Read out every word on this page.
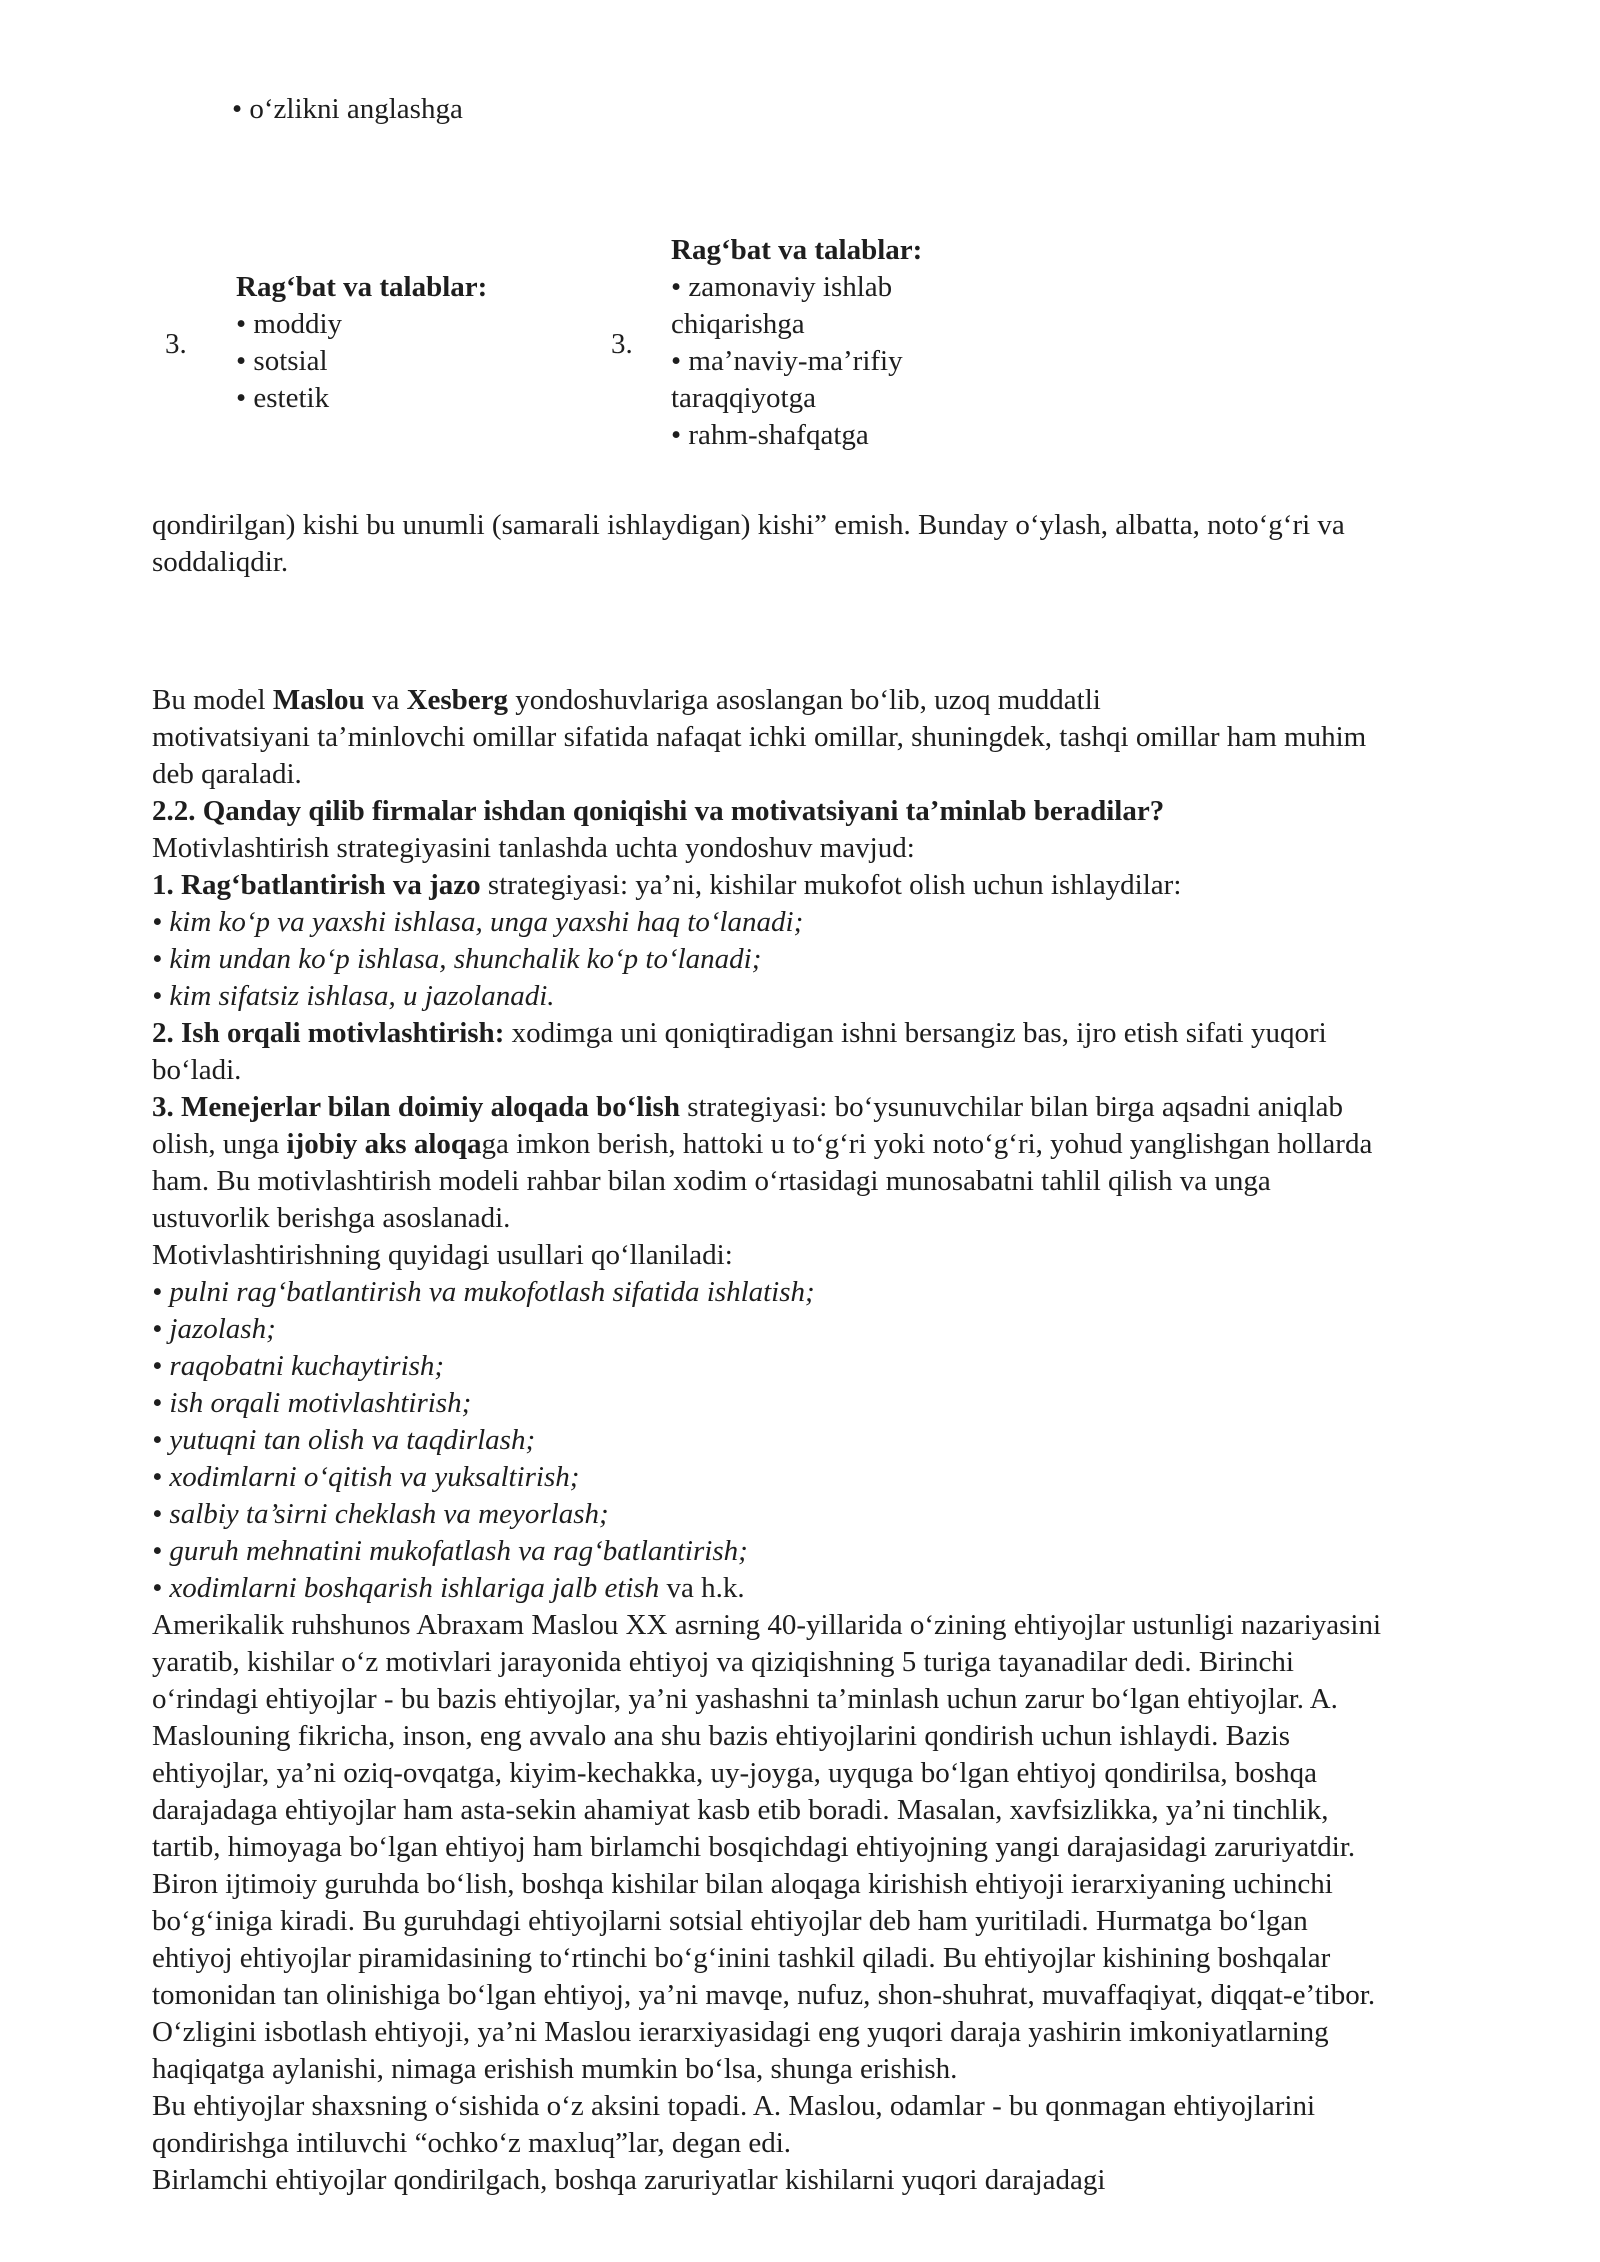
• o‘zlikni anglashga

3.

Rag‘bat va talablar:

• moddiy

• sotsial

• estetik

3.

Rag‘bat va talablar:

• zamonaviy ishlab

chiqarishga

• ma’naviy-ma’rifiy

taraqqiyotga

• rahm-shafqatga

qondirilgan) kishi bu unumli (samarali ishlaydigan) kishi” emish. Bunday o‘ylash, albatta, noto‘g‘ri va

soddaliqdir.

Bu model Maslou va Xesberg yondoshuvlariga asoslangan bo‘lib, uzoq muddatli

motivatsiyani ta’minlovchi omillar sifatida nafaqat ichki omillar, shuningdek, tashqi omillar ham muhim

deb qaraladi.

2.2. Qanday qilib firmalar ishdan qoniqishi va motivatsiyani ta’minlab beradilar?

Motivlashtirish strategiyasini tanlashda uchta yondoshuv mavjud:

1. Rag‘batlantirish va jazo strategiyasi: ya’ni, kishilar mukofot olish uchun ishlaydilar:

• kim ko‘p va yaxshi ishlasa, unga yaxshi haq to‘lanadi;

• kim undan ko‘p ishlasa, shunchalik ko‘p to‘lanadi;

• kim sifatsiz ishlasa, u jazolanadi.

2. Ish orqali motivlashtirish: xodimga uni qoniqtiradigan ishni bersangiz bas, ijro etish sifati yuqori

bo‘ladi.

3. Menejerlar bilan doimiy aloqada bo‘lish strategiyasi: bo‘ysunuvchilar bilan birga aqsadni aniqlab

olish, unga ijobiy aks aloqaga imkon berish, hattoki u to‘g‘ri yoki noto‘g‘ri, yohud yanglishgan hollarda

ham. Bu motivlashtirish modeli rahbar bilan xodim o‘rtasidagi munosabatni tahlil qilish va unga

ustuvorlik berishga asoslanadi.

Motivlashtirishning quyidagi usullari qo‘llaniladi:

• pulni rag‘batlantirish va mukofotlash sifatida ishlatish;

• jazolash;

• raqobatni kuchaytirish;

• ish orqali motivlashtirish;

• yutuqni tan olish va taqdirlash;

• xodimlarni o‘qitish va yuksaltirish;

• salbiy ta’sirni cheklash va meyorlash;

• guruh mehnatini mukofatlash va rag‘batlantirish;

• xodimlarni boshqarish ishlariga jalb etish va h.k.

Amerikalik ruhshunos Abraxam Maslou XX asrning 40-yillarida o‘zining ehtiyojlar ustunligi nazariyasini

yaratib, kishilar o‘z motivlari jarayonida ehtiyoj va qiziqishning 5 turiga tayanadilar dedi. Birinchi

o‘rindagi ehtiyojlar - bu bazis ehtiyojlar, ya’ni yashashni ta’minlash uchun zarur bo‘lgan ehtiyojlar. A.

Maslouning fikricha, inson, eng avvalo ana shu bazis ehtiyojlarini qondirish uchun ishlaydi. Bazis

ehtiyojlar, ya’ni oziq-ovqatga, kiyim-kechakka, uy-joyga, uyquga bo‘lgan ehtiyoj qondirilsa, boshqa

darajadaga ehtiyojlar ham asta-sekin ahamiyat kasb etib boradi. Masalan, xavfsizlikka, ya’ni tinchlik,

tartib, himoyaga bo‘lgan ehtiyoj ham birlamchi bosqichdagi ehtiyojning yangi darajasidagi zaruriyatdir.

Biron ijtimoiy guruhda bo‘lish, boshqa kishilar bilan aloqaga kirishish ehtiyoji ierarxiyaning uchinchi

bo‘g‘iniga kiradi. Bu guruhdagi ehtiyojlarni sotsial ehtiyojlar deb ham yuritiladi. Hurmatga bo‘lgan

ehtiyoj ehtiyojlar piramidasining to‘rtinchi bo‘g‘inini tashkil qiladi. Bu ehtiyojlar kishining boshqalar

tomonidan tan olinishiga bo‘lgan ehtiyoj, ya’ni mavqe, nufuz, shon-shuhrat, muvaffaqiyat, diqqat-e’tibor.

O‘zligini isbotlash ehtiyoji, ya’ni Maslou ierarxiyasidagi eng yuqori daraja yashirin imkoniyatlarning

haqiqatga aylanishi, nimaga erishish mumkin bo‘lsa, shunga erishish.

Bu ehtiyojlar shaxsning o‘sishida o‘z aksini topadi. A. Maslou, odamlar - bu qonmagan ehtiyojlarini

qondirishga intiluvchi “ochko‘z maxluq”lar, degan edi.

Birlamchi ehtiyojlar qondirilgach, boshqa zaruriyatlar kishilarni yuqori darajadagi
